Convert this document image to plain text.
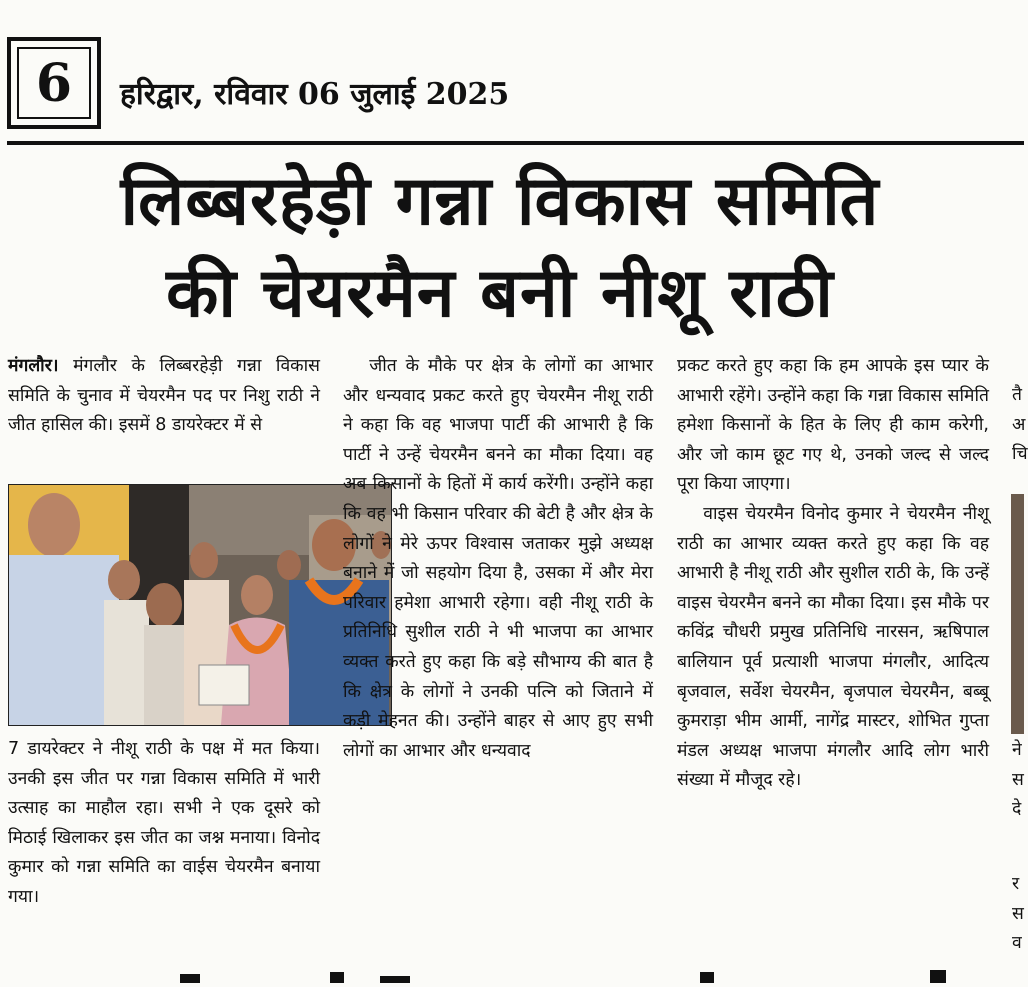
6	हरिद्वार, रविवार 06 जुलाई 2025
लिब्बरहेड़ी गन्ना विकास समिति
की चेयरमैन बनी नीशू राठी

मंगलौर। मंगलौर के लिब्बरहेड़ी गन्ना विकास समिति के चुनाव में चेयरमैन पद पर निशु राठी ने जीत हासिल की। इसमें 8 डायरेक्टर में से

7 डायरेक्टर ने नीशू राठी के पक्ष में मत किया। उनकी इस जीत पर गन्ना विकास समिति में भारी उत्साह का माहौल रहा। सभी ने एक दूसरे को मिठाई खिलाकर इस जीत का जश्न मनाया। विनोद कुमार को गन्ना समिति का वाईस चेयरमैन बनाया गया।

जीत के मौके पर क्षेत्र के लोगों का आभार और धन्यवाद प्रकट करते हुए चेयरमैन नीशू राठी ने कहा कि वह भाजपा पार्टी की आभारी है कि पार्टी ने उन्हें चेयरमैन बनने का मौका दिया। वह अब किसानों के हितों में कार्य करेंगी। उन्होंने कहा कि वह भी किसान परिवार की बेटी है और क्षेत्र के लोगों ने मेरे ऊपर विश्वास जताकर मुझे अध्यक्ष बनाने में जो सहयोग दिया है, उसका में और मेरा परिवार हमेशा आभारी रहेगा। वही नीशू राठी के प्रतिनिधि सुशील राठी ने भी भाजपा का आभार व्यक्त करते हुए कहा कि बड़े सौभाग्य की बात है कि क्षेत्र के लोगों ने उनकी पत्नि को जिताने में कड़ी मेहनत की। उन्होंने बाहर से आए हुए सभी लोगों का आभार और धन्यवाद

प्रकट करते हुए कहा कि हम आपके इस प्यार के आभारी रहेंगे। उन्होंने कहा कि गन्ना विकास समिति हमेशा किसानों के हित के लिए ही काम करेगी, और जो काम छूट गए थे, उनको जल्द से जल्द पूरा किया जाएगा।

वाइस चेयरमैन विनोद कुमार ने चेयरमैन नीशू राठी का आभार व्यक्त करते हुए कहा कि वह आभारी है नीशू राठी और सुशील राठी के, कि उन्हें वाइस चेयरमैन बनने का मौका दिया। इस मौके पर कविंद्र चौधरी प्रमुख प्रतिनिधि नारसन, ऋषिपाल बालियान पूर्व प्रत्याशी भाजपा मंगलौर, आदित्य बृजवाल, सर्वेश चेयरमैन, बृजपाल चेयरमैन, बब्बू कुमराड़ा भीम आर्मी, नागेंद्र मास्टर, शोभित गुप्ता मंडल अध्यक्ष भाजपा मंगलौर आदि लोग भारी संख्या में मौजूद रहे।

तै
अ
चि
ने
स
दे
र
स
व
